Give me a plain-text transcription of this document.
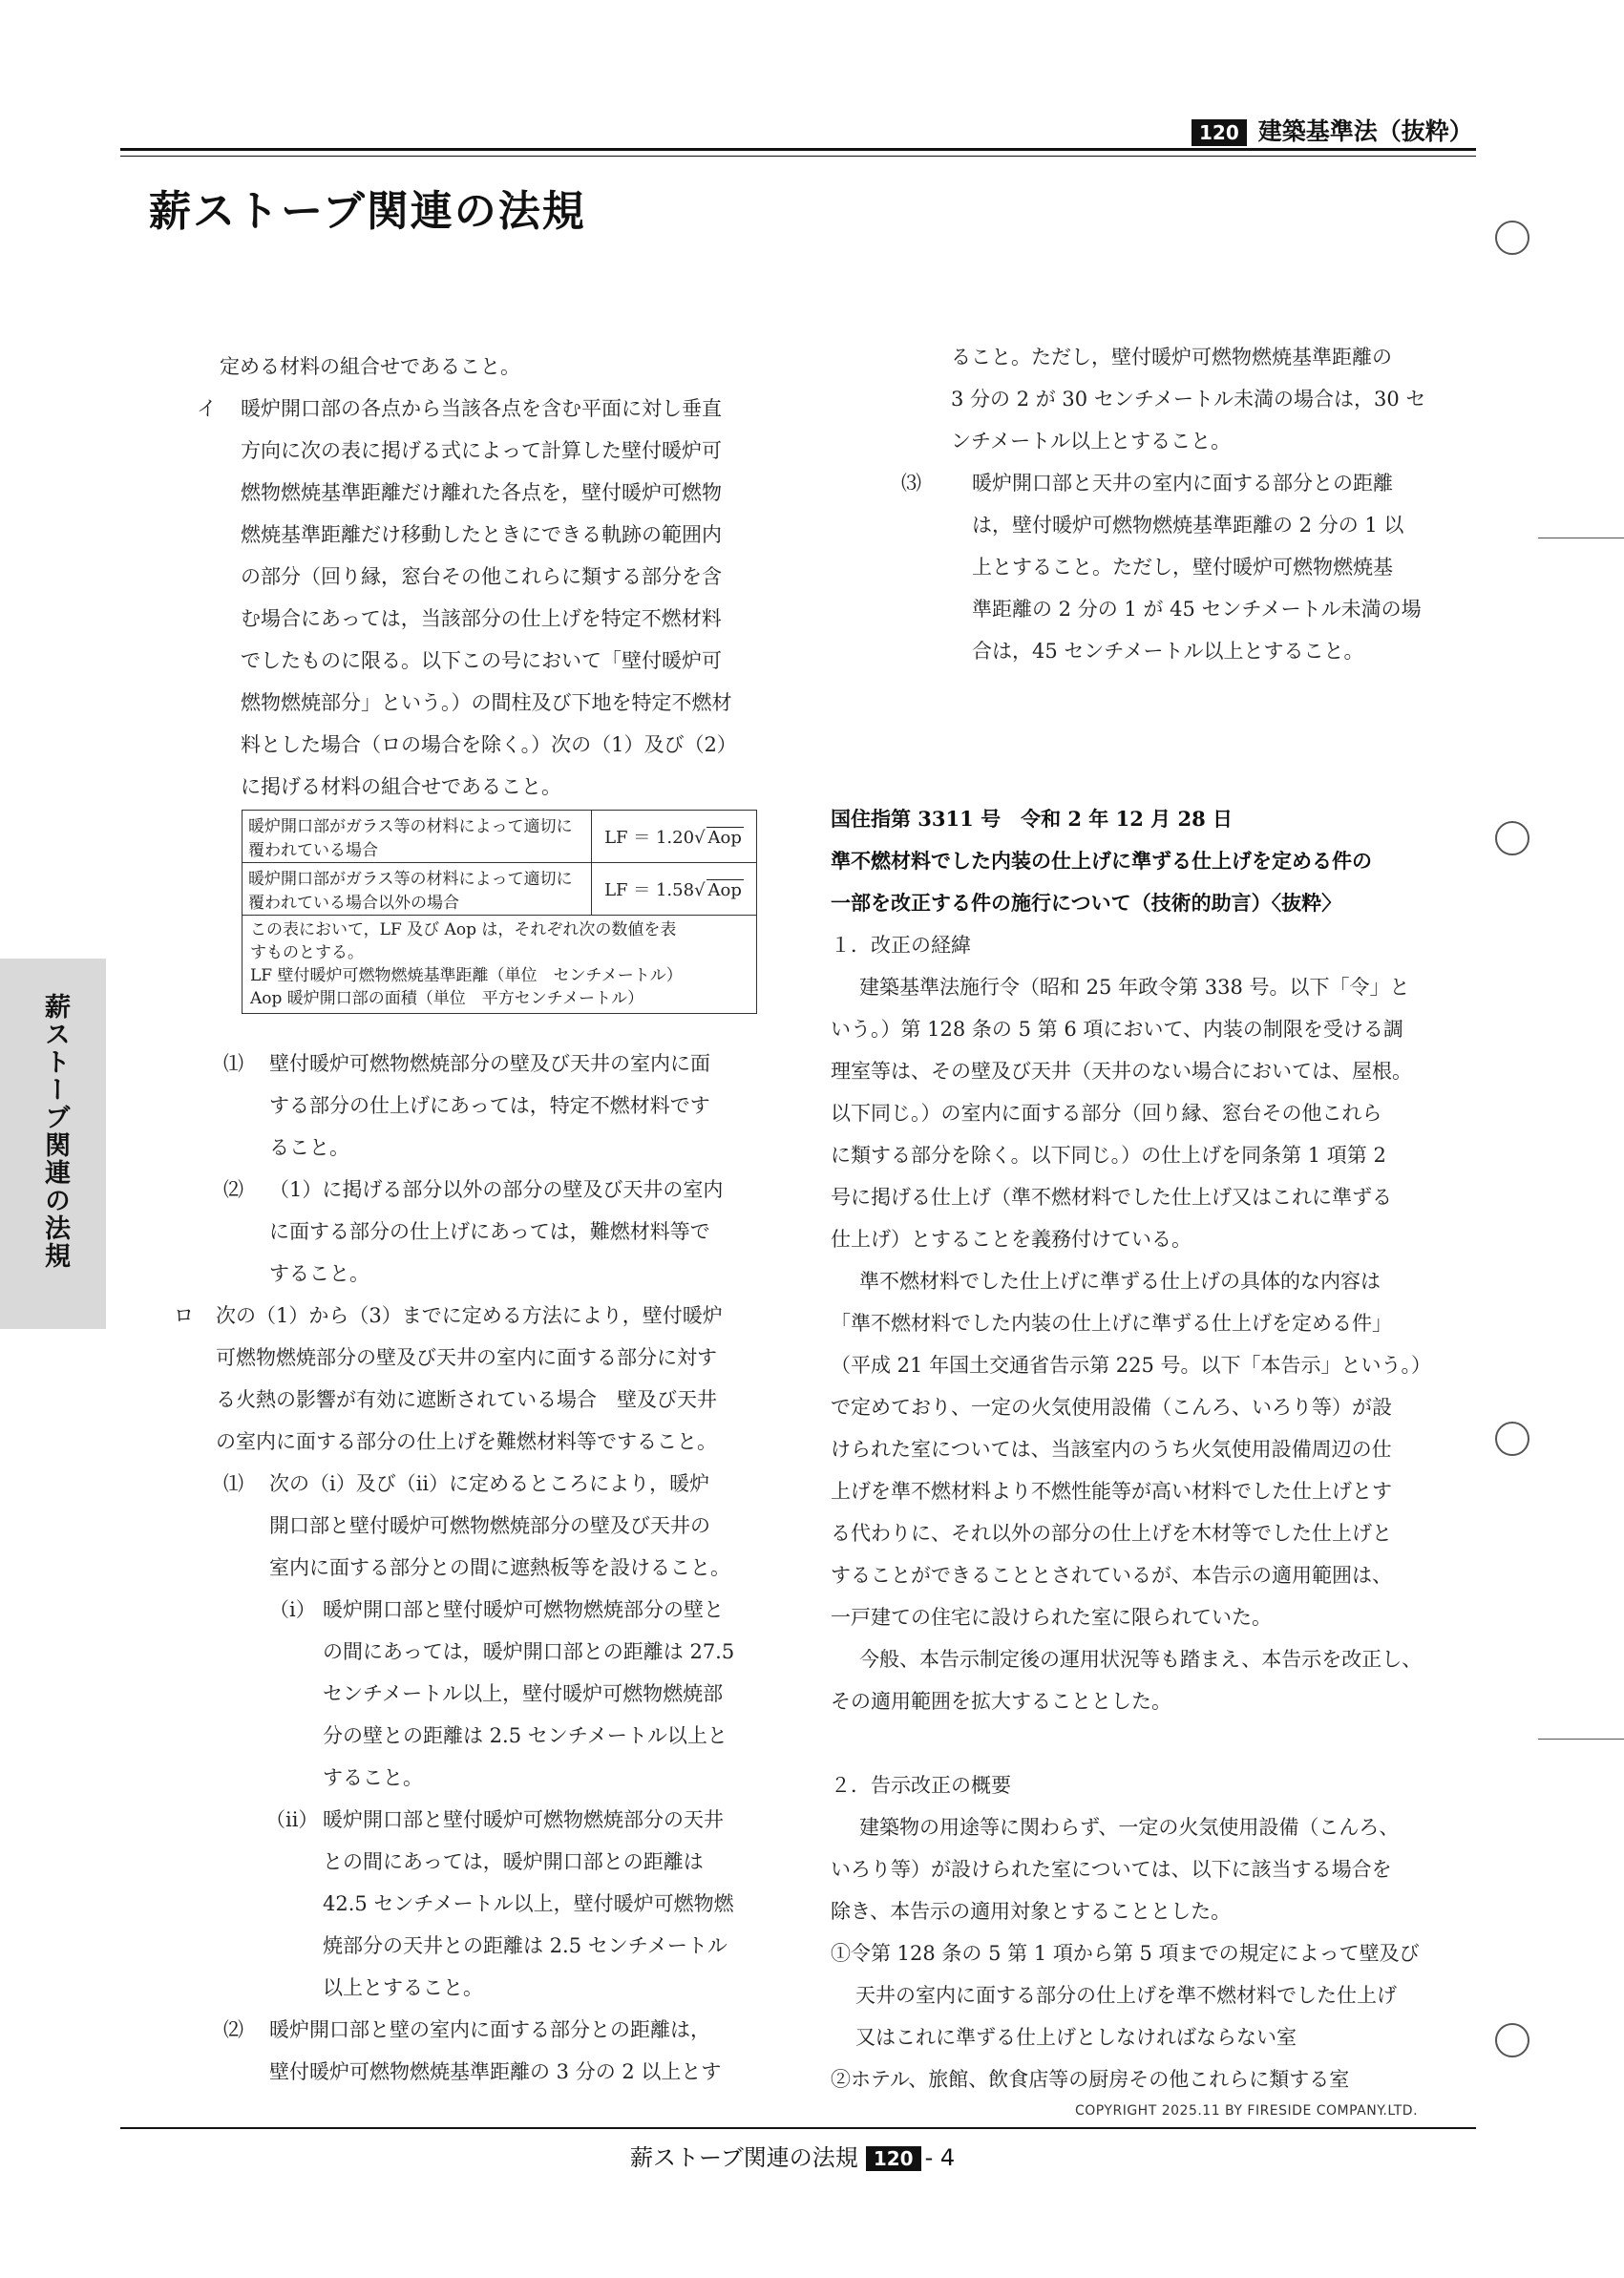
120 建築基準法（抜粋）
薪ストーブ関連の法規
薪ストーブ関連の法規
定める材料の組合せであること。
イ 暖炉開口部の各点から当該各点を含む平面に対し垂直
方向に次の表に掲げる式によって計算した壁付暖炉可
燃物燃焼基準距離だけ離れた各点を，壁付暖炉可燃物
燃焼基準距離だけ移動したときにできる軌跡の範囲内
の部分（回り縁，窓台その他これらに類する部分を含
む場合にあっては，当該部分の仕上げを特定不燃材料
でしたものに限る。以下この号において「壁付暖炉可
燃物燃焼部分」という。）の間柱及び下地を特定不燃材
料とした場合（ロの場合を除く。）次の（1）及び（2）
に掲げる材料の組合せであること。
暖炉開口部がガラス等の材料によって適切に覆われている場合	LF ＝ 1.20√ Aop
暖炉開口部がガラス等の材料によって適切に覆われている場合以外の場合	LF ＝ 1.58√ Aop

この表において，LF 及び Aop は，それぞれ次の数値を表
すものとする。
LF 壁付暖炉可燃物燃焼基準距離（単位　センチメートル）
Aop 暖炉開口部の面積（単位　平方センチメートル）	
⑴ 壁付暖炉可燃物燃焼部分の壁及び天井の室内に面
する部分の仕上げにあっては，特定不燃材料です
ること。
⑵ （1）に掲げる部分以外の部分の壁及び天井の室内
に面する部分の仕上げにあっては，難燃材料等で
すること。
ロ 次の（1）から（3）までに定める方法により，壁付暖炉
可燃物燃焼部分の壁及び天井の室内に面する部分に対す
る火熱の影響が有効に遮断されている場合　壁及び天井
の室内に面する部分の仕上げを難燃材料等ですること。
⑴ 次の（i）及び（ii）に定めるところにより，暖炉
開口部と壁付暖炉可燃物燃焼部分の壁及び天井の
室内に面する部分との間に遮熱板等を設けること。
（i） 暖炉開口部と壁付暖炉可燃物燃焼部分の壁と
の間にあっては，暖炉開口部との距離は 27.5
センチメートル以上，壁付暖炉可燃物燃焼部
分の壁との距離は 2.5 センチメートル以上と
すること。
（ii） 暖炉開口部と壁付暖炉可燃物燃焼部分の天井
との間にあっては，暖炉開口部との距離は
42.5 センチメートル以上，壁付暖炉可燃物燃
焼部分の天井との距離は 2.5 センチメートル
以上とすること。
⑵ 暖炉開口部と壁の室内に面する部分との距離は，
壁付暖炉可燃物燃焼基準距離の 3 分の 2 以上とす
ること。ただし，壁付暖炉可燃物燃焼基準距離の
3 分の 2 が 30 センチメートル未満の場合は，30 セ
ンチメートル以上とすること。
⑶	暖炉開口部と天井の室内に面する部分との距離
は，壁付暖炉可燃物燃焼基準距離の 2 分の 1 以
上とすること。ただし，壁付暖炉可燃物燃焼基
準距離の 2 分の 1 が 45 センチメートル未満の場
合は，45 センチメートル以上とすること。
国住指第 3311 号　令和 2 年 12 月 28 日
準不燃材料でした内装の仕上げに準ずる仕上げを定める件の
一部を改正する件の施行について（技術的助言）〈抜粋〉
１．改正の経緯
建築基準法施行令（昭和 25 年政令第 338 号。以下「令」と
いう。）第 128 条の 5 第 6 項において、内装の制限を受ける調
理室等は、その壁及び天井（天井のない場合においては、屋根。
以下同じ。）の室内に面する部分（回り縁、窓台その他これら
に類する部分を除く。以下同じ。）の仕上げを同条第 1 項第 2
号に掲げる仕上げ（準不燃材料でした仕上げ又はこれに準ずる
仕上げ）とすることを義務付けている。
準不燃材料でした仕上げに準ずる仕上げの具体的な内容は
「準不燃材料でした内装の仕上げに準ずる仕上げを定める件」
（平成 21 年国土交通省告示第 225 号。以下「本告示」という。）
で定めており、一定の火気使用設備（こんろ、いろり等）が設
けられた室については、当該室内のうち火気使用設備周辺の仕
上げを準不燃材料より不燃性能等が高い材料でした仕上げとす
る代わりに、それ以外の部分の仕上げを木材等でした仕上げと
することができることとされているが、本告示の適用範囲は、
一戸建ての住宅に設けられた室に限られていた。
今般、本告示制定後の運用状況等も踏まえ、本告示を改正し、
その適用範囲を拡大することとした。
２．告示改正の概要
建築物の用途等に関わらず、一定の火気使用設備（こんろ、
いろり等）が設けられた室については、以下に該当する場合を
除き、本告示の適用対象とすることとした。
①令第 128 条の 5 第 1 項から第 5 項までの規定によって壁及び
天井の室内に面する部分の仕上げを準不燃材料でした仕上げ
又はこれに準ずる仕上げとしなければならない室
②ホテル、旅館、飲食店等の厨房その他これらに類する室
COPYRIGHT 2025.11 BY FIRESIDE COMPANY.LTD.
薪ストーブ関連の法規 120 - 4
